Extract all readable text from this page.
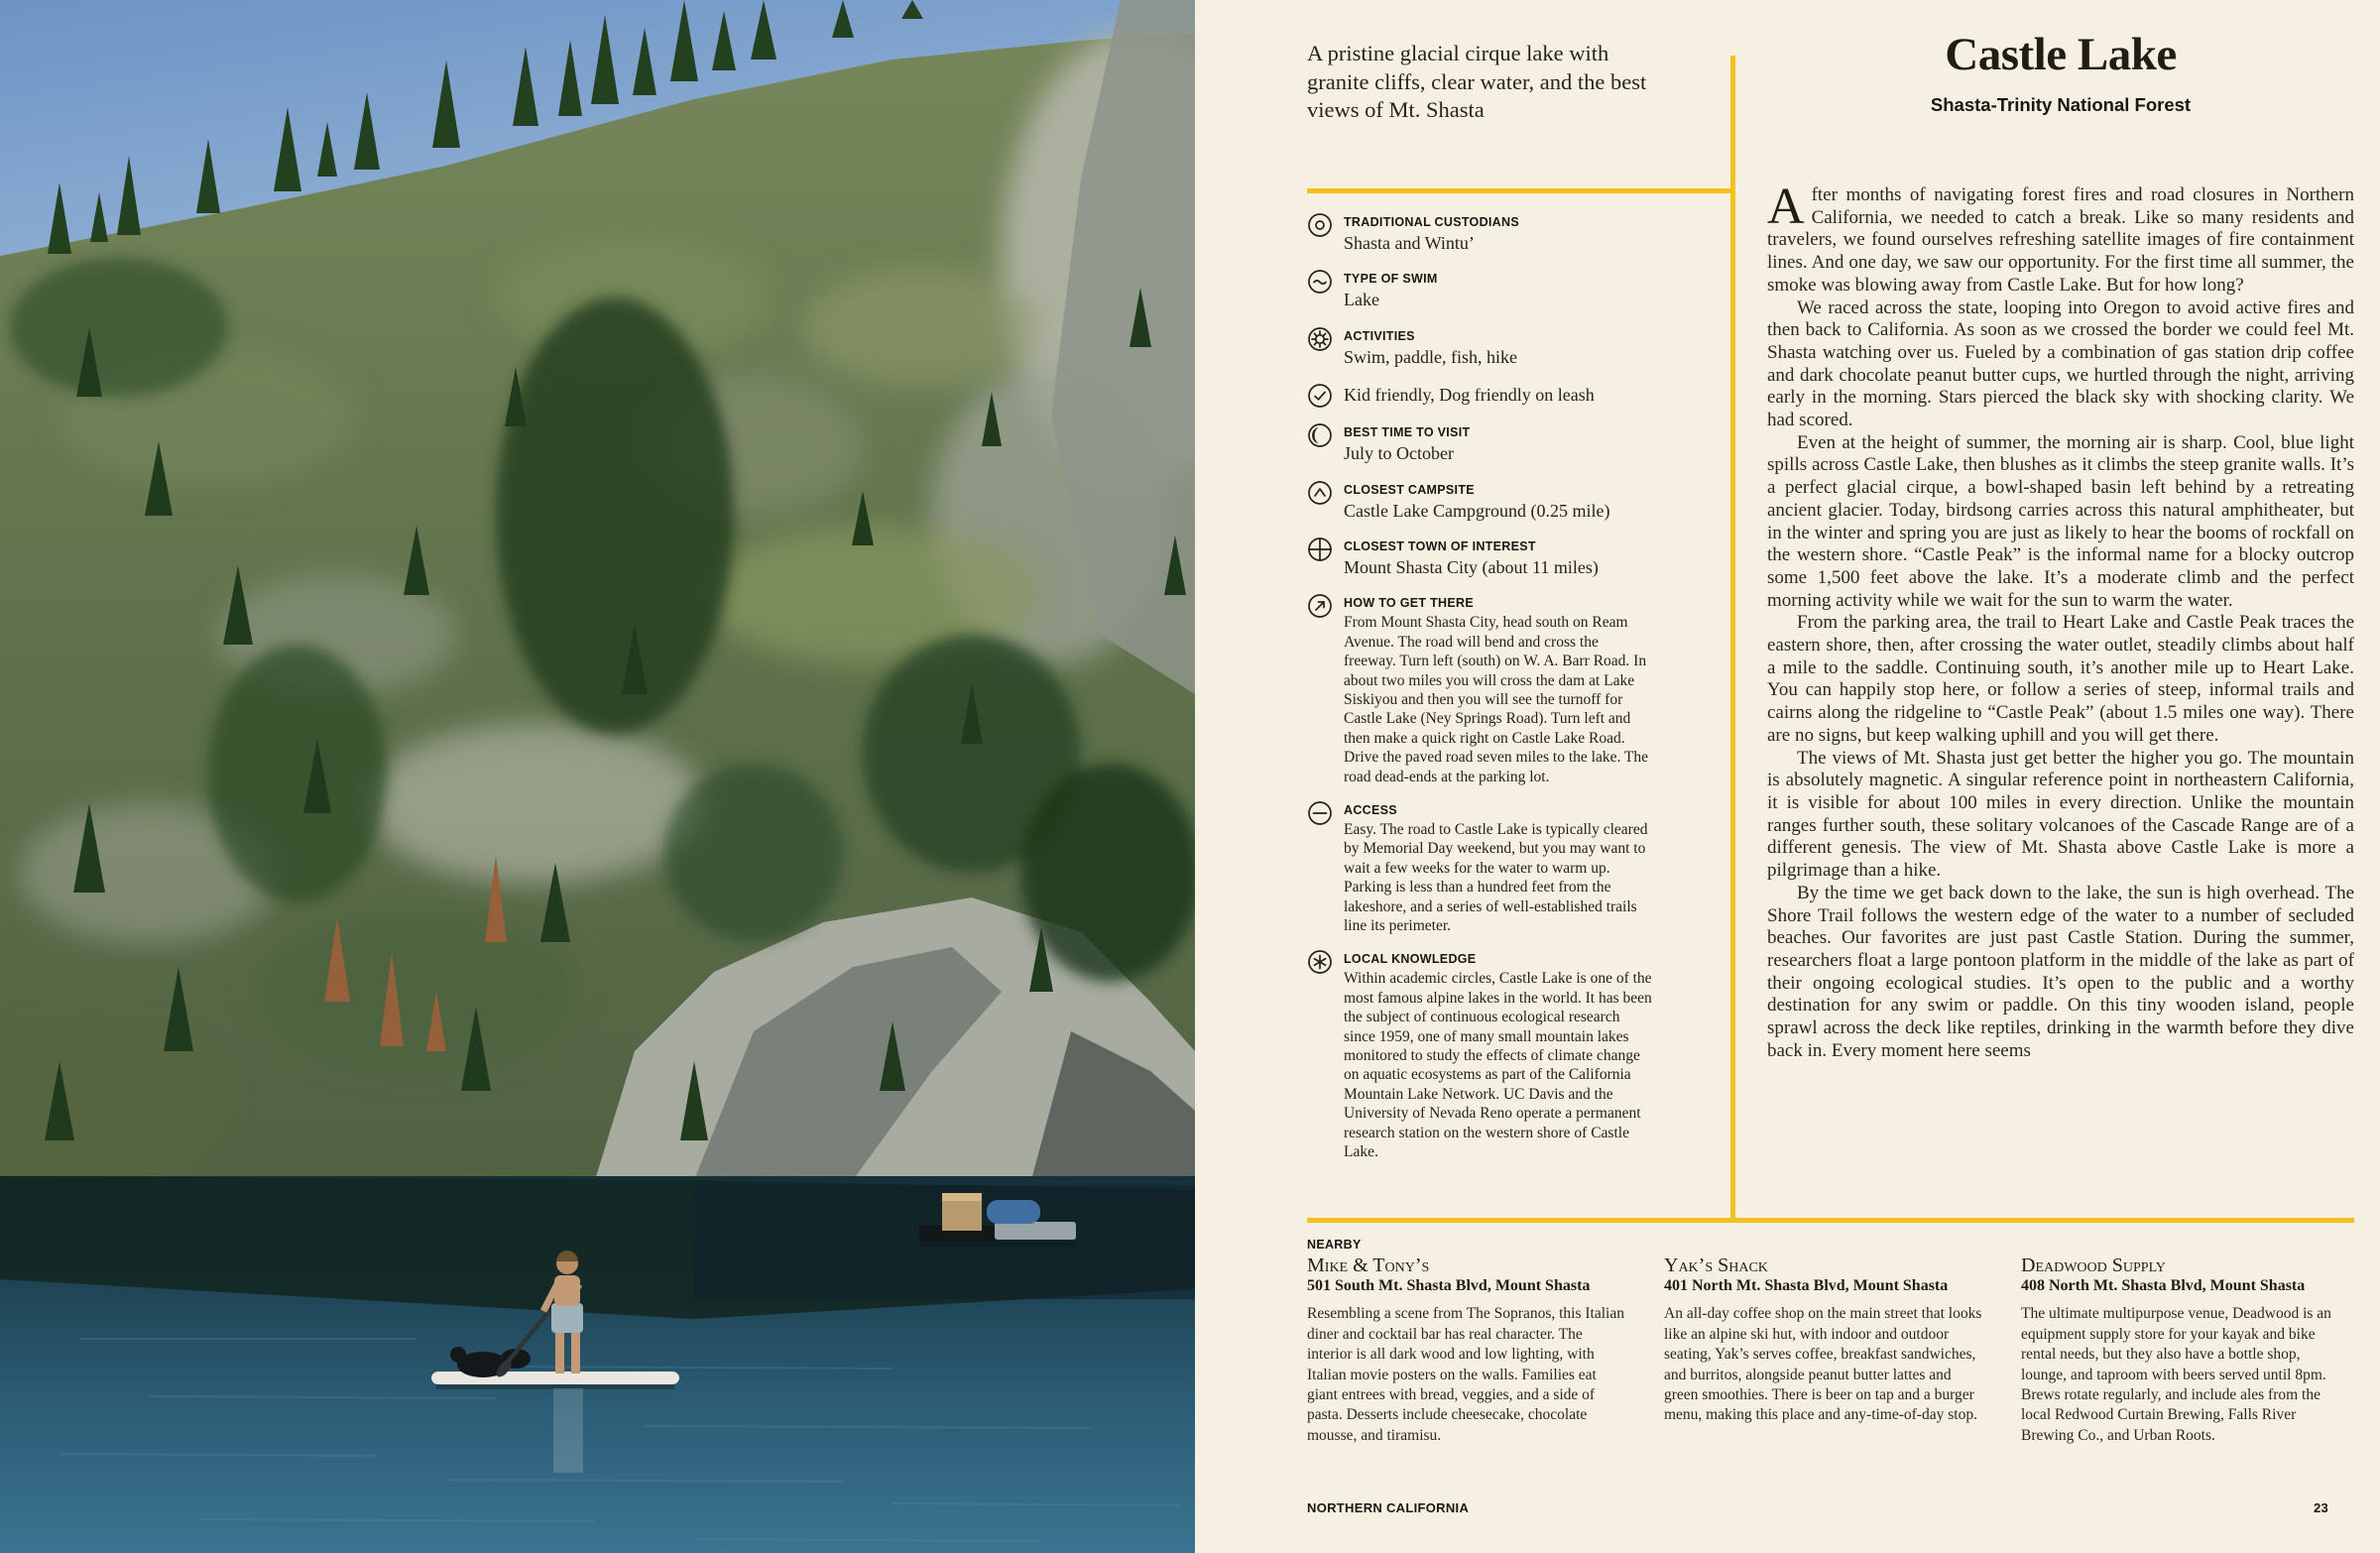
A pristine glacial cirque lake with granite cliffs, clear water, and the best views of Mt. Shasta
TRADITIONAL CUSTODIANS
Shasta and Wintu’
TYPE OF SWIM
Lake
ACTIVITIES
Swim, paddle, fish, hike
Kid friendly, Dog friendly on leash
BEST TIME TO VISIT
July to October
CLOSEST CAMPSITE
Castle Lake Campground (0.25 mile)
CLOSEST TOWN OF INTEREST
Mount Shasta City (about 11 miles)
HOW TO GET THERE
From Mount Shasta City, head south on Ream Avenue. The road will bend and cross the freeway. Turn left (south) on W. A. Barr Road. In about two miles you will cross the dam at Lake Siskiyou and then you will see the turnoff for Castle Lake (Ney Springs Road). Turn left and then make a quick right on Castle Lake Road. Drive the paved road seven miles to the lake. The road dead-ends at the parking lot.
ACCESS
Easy. The road to Castle Lake is typically cleared by Memorial Day weekend, but you may want to wait a few weeks for the water to warm up. Parking is less than a hundred feet from the lakeshore, and a series of well-established trails line its perimeter.
LOCAL KNOWLEDGE
Within academic circles, Castle Lake is one of the most famous alpine lakes in the world. It has been the subject of continuous ecological research since 1959, one of many small mountain lakes monitored to study the effects of climate change on aquatic ecosystems as part of the California Mountain Lake Network. UC Davis and the University of Nevada Reno operate a permanent research station on the western shore of Castle Lake.
Castle Lake
Shasta-Trinity National Forest

After months of navigating forest fires and road closures in Northern California, we needed to catch a break. Like so many residents and travelers, we found ourselves refreshing satellite images of fire containment lines. And one day, we saw our opportunity. For the first time all summer, the smoke was blowing away from Castle Lake. But for how long?

We raced across the state, looping into Oregon to avoid active fires and then back to California. As soon as we crossed the border we could feel Mt. Shasta watching over us. Fueled by a combination of gas station drip coffee and dark chocolate peanut butter cups, we hurtled through the night, arriving early in the morning. Stars pierced the black sky with shocking clarity. We had scored.

Even at the height of summer, the morning air is sharp. Cool, blue light spills across Castle Lake, then blushes as it climbs the steep granite walls. It’s a perfect glacial cirque, a bowl-shaped basin left behind by a retreating ancient glacier. Today, birdsong carries across this natural amphitheater, but in the winter and spring you are just as likely to hear the booms of rockfall on the western shore. “Castle Peak” is the informal name for a blocky outcrop some 1,500 feet above the lake. It’s a moderate climb and the perfect morning activity while we wait for the sun to warm the water.

From the parking area, the trail to Heart Lake and Castle Peak traces the eastern shore, then, after crossing the water outlet, steadily climbs about half a mile to the saddle. Continuing south, it’s another mile up to Heart Lake. You can happily stop here, or follow a series of steep, informal trails and cairns along the ridgeline to “Castle Peak” (about 1.5 miles one way). There are no signs, but keep walking uphill and you will get there.

The views of Mt. Shasta just get better the higher you go. The mountain is absolutely magnetic. A singular reference point in northeastern California, it is visible for about 100 miles in every direction. Unlike the mountain ranges further south, these solitary volcanoes of the Cascade Range are of a different genesis. The view of Mt. Shasta above Castle Lake is more a pilgrimage than a hike.

By the time we get back down to the lake, the sun is high overhead. The Shore Trail follows the western edge of the water to a number of secluded beaches. Our favorites are just past Castle Station. During the summer, researchers float a large pontoon platform in the middle of the lake as part of their ongoing ecological studies. It’s open to the public and a worthy destination for any swim or paddle. On this tiny wooden island, people sprawl across the deck like reptiles, drinking in the warmth before they dive back in. Every moment here seems

NEARBY
Mike & Tony’s
501 South Mt. Shasta Blvd, Mount Shasta
Resembling a scene from The Sopranos, this Italian diner and cocktail bar has real character. The interior is all dark wood and low lighting, with Italian movie posters on the walls. Families eat giant entrees with bread, veggies, and a side of pasta. Desserts include cheesecake, chocolate mousse, and tiramisu.
Yak’s Shack
401 North Mt. Shasta Blvd, Mount Shasta
An all-day coffee shop on the main street that looks like an alpine ski hut, with indoor and outdoor seating, Yak’s serves coffee, breakfast sandwiches, and burritos, alongside peanut butter lattes and green smoothies. There is beer on tap and a burger menu, making this place and any-time-of-day stop.
Deadwood Supply
408 North Mt. Shasta Blvd, Mount Shasta
The ultimate multipurpose venue, Deadwood is an equipment supply store for your kayak and bike rental needs, but they also have a bottle shop, lounge, and taproom with beers served until 8pm. Brews rotate regularly, and include ales from the local Redwood Curtain Brewing, Falls River Brewing Co., and Urban Roots.
NORTHERN CALIFORNIA	23
